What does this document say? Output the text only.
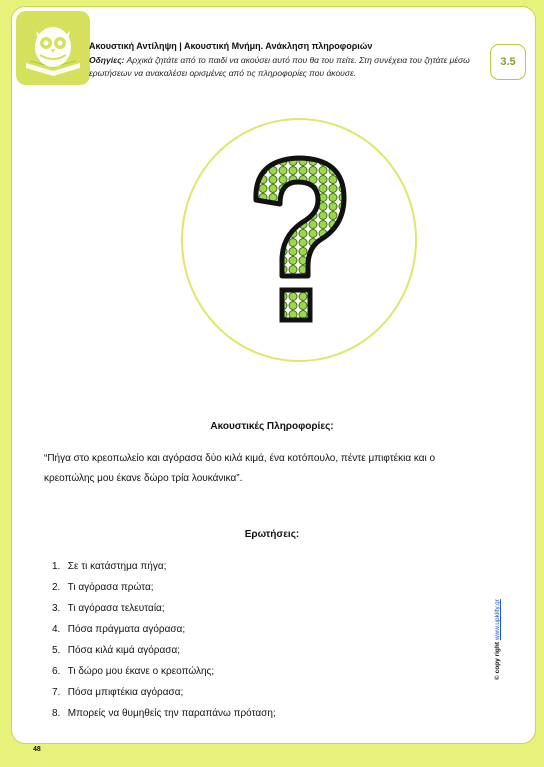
3.5
Ακουστική Αντίληψη | Ακουστική Μνήμη. Ανάκληση πληροφοριών
Οδηγίες: Αρχικά ζητάτε από το παιδί να ακούσει αυτό που θα του πείτε. Στη συνέχεια του ζητάτε μέσω ερωτήσεων να ανακαλέσει ορισμένες από τις πληροφορίες που άκουσε.
Ακουστικές Πληροφορίες:
“Πήγα στο κρεοπωλείο και αγόρασα δύο κιλά κιμά, ένα κοτόπουλο, πέντε μπιφτέκια και ο κρεοπώλης μου έκανε δώρο τρία λουκάνικα”.
Ερωτήσεις:
1. Σε τι κατάστημα πήγα;
2. Τι αγόρασα πρώτα;
3. Τι αγόρασα τελευταία;
4. Πόσα πράγματα αγόρασα;
5. Πόσα κιλά κιμά αγόρασα;
6. Τι δώρο μου έκανε ο κρεοπώλης;
7. Πόσα μπιφτέκια αγόρασα;
8. Μπορείς να θυμηθείς την παραπάνω πρόταση;
© copy right www.upkilty.gr
48
